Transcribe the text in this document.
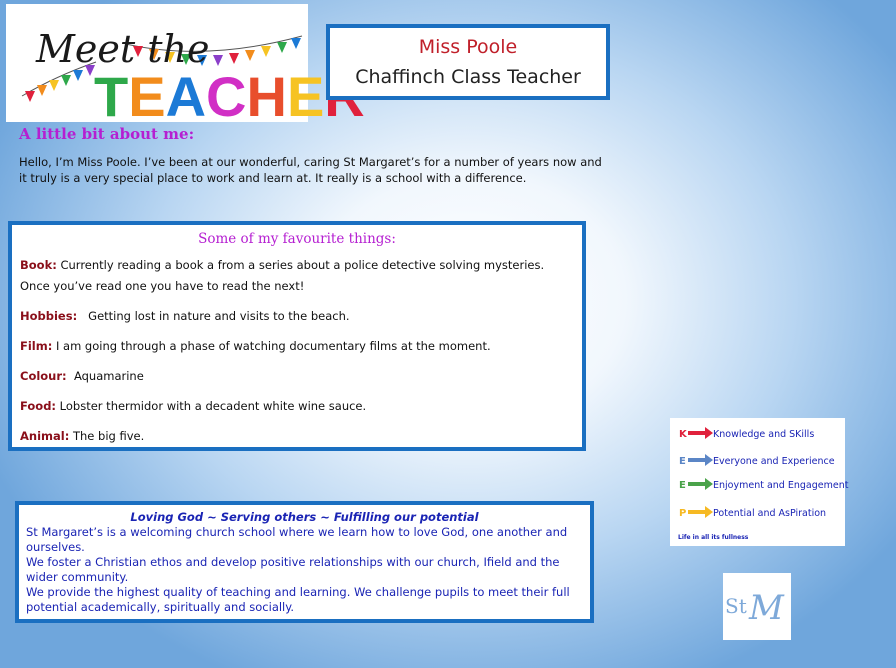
Meet the
TEACHE
Miss Poole
Chaffinch Class Teacher
A little bit about me:
Hello, I’m Miss Poole. I’ve been at our wonderful, caring St Margaret’s for a number of years now and it truly is a very special place to work and learn at. It really is a school with a difference.
Some of my favourite things:
Book: Currently reading a book a from a series about a police detective solving mysteries. Once you’ve read one you have to read the next!
Hobbies:   Getting lost in nature and visits to the beach.
Film: I am going through a phase of watching documentary films at the moment.
Colour:  Aquamarine
Food: Lobster thermidor with a decadent white wine sauce.
Animal: The big five.
Loving God ~ Serving others ~ Fulfilling our potential
St Margaret’s is a welcoming church school where we learn how to love God, one another and ourselves.
We foster a Christian ethos and develop positive relationships with our church, Ifield and the wider community.
We provide the highest quality of teaching and learning. We challenge pupils to meet their full potential academically, spiritually and socially.
K	Knowledge and SKills
E	Everyone and Experience
E	Enjoyment and Engagement
P	Potential and AsPiration
Life in all its fullness
St M
